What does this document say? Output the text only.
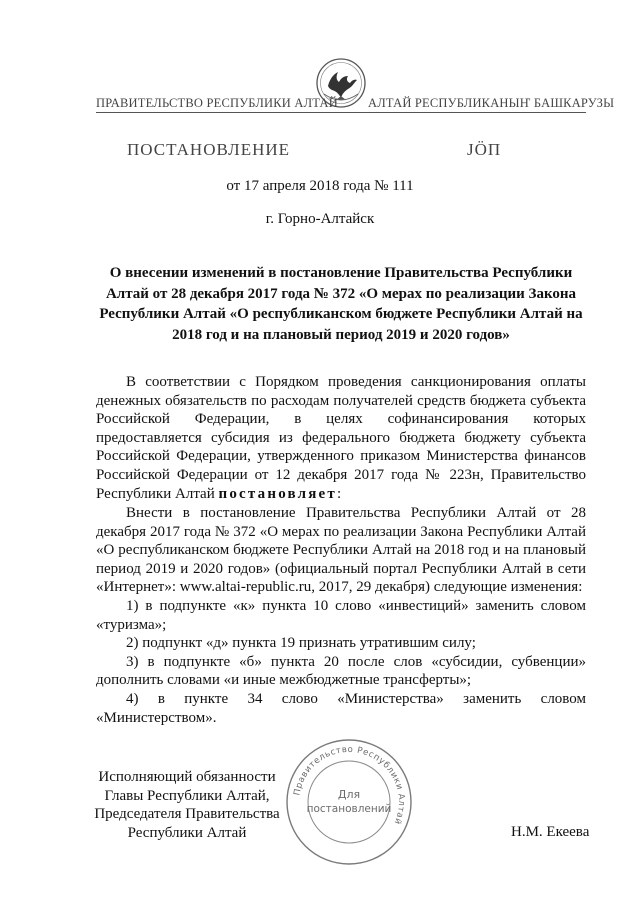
ПРАВИТЕЛЬСТВО РЕСПУБЛИКИ АЛТАЙ АЛТАЙ РЕСПУБЛИКАНЫҤ БАШКАРУЗЫ
ПОСТАНОВЛЕНИЕ	ЈӦП
от 17 апреля 2018 года № 111
г. Горно-Алтайск
О внесении изменений в постановление Правительства Республики Алтай от 28 декабря 2017 года № 372 «О мерах по реализации Закона Республики Алтай «О республиканском бюджете Республики Алтай на 2018 год и на плановый период 2019 и 2020 годов»

В соответствии с Порядком проведения санкционирования оплаты денежных обязательств по расходам получателей средств бюджета субъекта Российской Федерации, в целях софинансирования которых предоставляется субсидия из федерального бюджета бюджету субъекта Российской Федерации, утвержденного приказом Министерства финансов Российской Федерации от 12 декабря 2017 года № 223н, Правительство Республики Алтай постановляет:

Внести в постановление Правительства Республики Алтай от 28 декабря 2017 года № 372 «О мерах по реализации Закона Республики Алтай «О республиканском бюджете Республики Алтай на 2018 год и на плановый период 2019 и 2020 годов» (официальный портал Республики Алтай в сети «Интернет»: www.altai-republic.ru, 2017, 29 декабря) следующие изменения:

1) в подпункте «к» пункта 10 слово «инвестиций» заменить словом «туризма»;

2) подпункт «д» пункта 19 признать утратившим силу;

3) в подпункте «б» пункта 20 после слов «субсидии, субвенции» дополнить словами «и иные межбюджетные трансферты»;

4) в пункте 34 слово «Министерства» заменить словом «Министерством».

Исполняющий обязанности
Главы Республики Алтай,
Председателя Правительства
Республики Алтай	Н.М. Екеева
Правительство Республики Алтай
Для
постановлений
